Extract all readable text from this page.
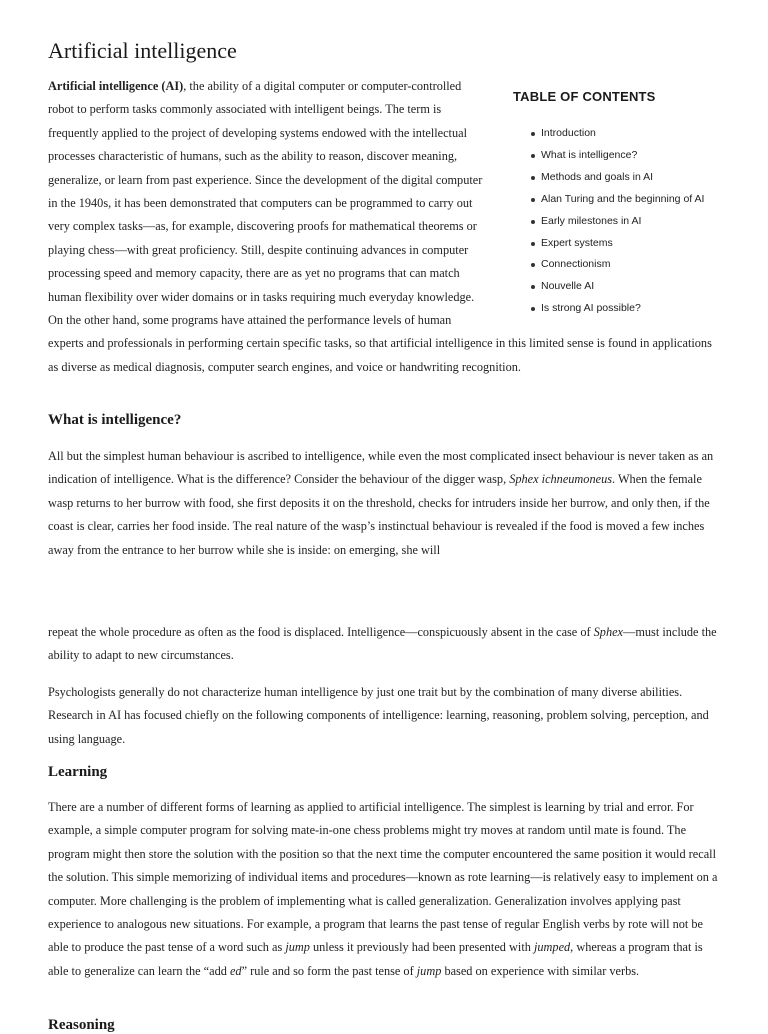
Artificial intelligence
TABLE OF CONTENTS
Introduction
What is intelligence?
Methods and goals in AI
Alan Turing and the beginning of AI
Early milestones in AI
Expert systems
Connectionism
Nouvelle AI
Is strong AI possible?

Artificial intelligence (AI), the ability of a digital computer or computer-controlled robot to perform tasks commonly associated with intelligent beings. The term is frequently applied to the project of developing systems endowed with the intellectual processes characteristic of humans, such as the ability to reason, discover meaning, generalize, or learn from past experience. Since the development of the digital computer in the 1940s, it has been demonstrated that computers can be programmed to carry out very complex tasks—as, for example, discovering proofs for mathematical theorems or playing chess—with great proficiency. Still, despite continuing advances in computer processing speed and memory capacity, there are as yet no programs that can match human flexibility over wider domains or in tasks requiring much everyday knowledge. On the other hand, some programs have attained the performance levels of human experts and professionals in performing certain specific tasks, so that artificial intelligence in this limited sense is found in applications as diverse as medical diagnosis, computer search engines, and voice or handwriting recognition.

What is intelligence?

All but the simplest human behaviour is ascribed to intelligence, while even the most complicated insect behaviour is never taken as an indication of intelligence. What is the difference? Consider the behaviour of the digger wasp, Sphex ichneumoneus. When the female wasp returns to her burrow with food, she first deposits it on the threshold, checks for intruders inside her burrow, and only then, if the coast is clear, carries her food inside. The real nature of the wasp’s instinctual behaviour is revealed if the food is moved a few inches away from the entrance to her burrow while she is inside: on emerging, she will

repeat the whole procedure as often as the food is displaced. Intelligence—conspicuously absent in the case of Sphex—must include the ability to adapt to new circumstances.

Psychologists generally do not characterize human intelligence by just one trait but by the combination of many diverse abilities. Research in AI has focused chiefly on the following components of intelligence: learning, reasoning, problem solving, perception, and using language.

Learning

There are a number of different forms of learning as applied to artificial intelligence. The simplest is learning by trial and error. For example, a simple computer program for solving mate-in-one chess problems might try moves at random until mate is found. The program might then store the solution with the position so that the next time the computer encountered the same position it would recall the solution. This simple memorizing of individual items and procedures—known as rote learning—is relatively easy to implement on a computer. More challenging is the problem of implementing what is called generalization. Generalization involves applying past experience to analogous new situations. For example, a program that learns the past tense of regular English verbs by rote will not be able to produce the past tense of a word such as jump unless it previously had been presented with jumped, whereas a program that is able to generalize can learn the “add ed” rule and so form the past tense of jump based on experience with similar verbs.

Reasoning
